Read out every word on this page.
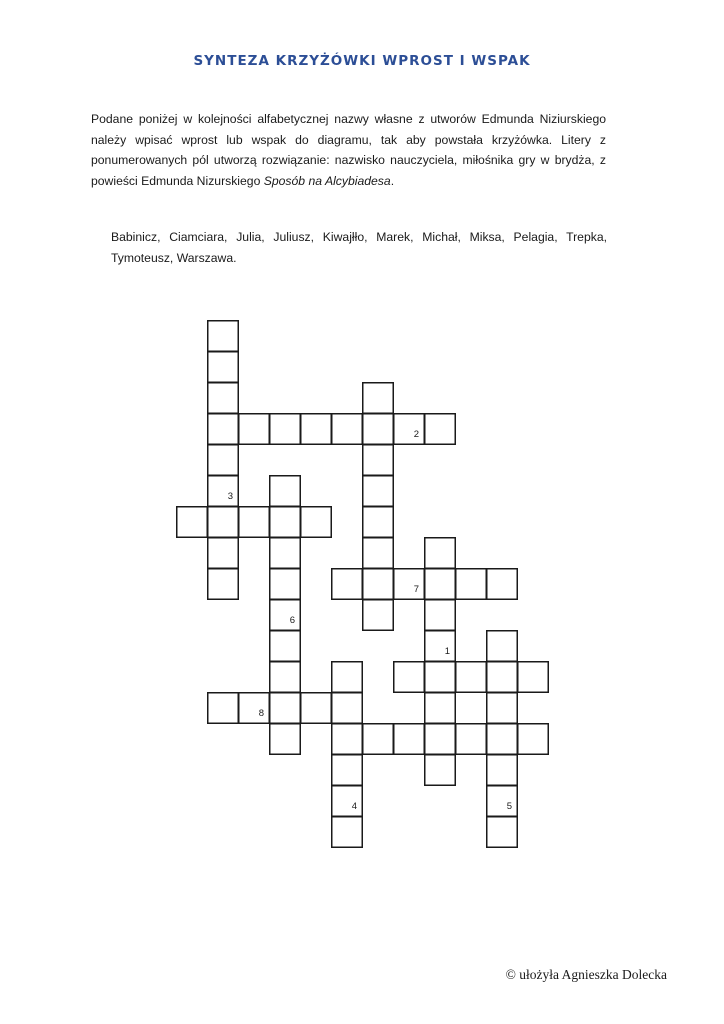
SYNTEZA KRZYŻÓWKI WPROST I WSPAK

Podane poniżej w kolejności alfabetycznej nazwy własne z utworów Edmunda Niziurskiego należy wpisać wprost lub wspak do diagramu, tak aby powstała krzyżówka. Litery z ponumerowanych pól utworzą rozwiązanie: nazwisko nauczyciela, miłośnika gry w brydża, z powieści Edmunda Nizurskiego Sposób na Alcybiadesa.

Babinicz, Ciamciara, Julia, Juliusz, Kiwajłło, Marek, Michał, Miksa, Pelagia, Trepka, Tymoteusz, Warszawa.

2
3
7
6
1
8
4	5
© ułożyła Agnieszka Dolecka
